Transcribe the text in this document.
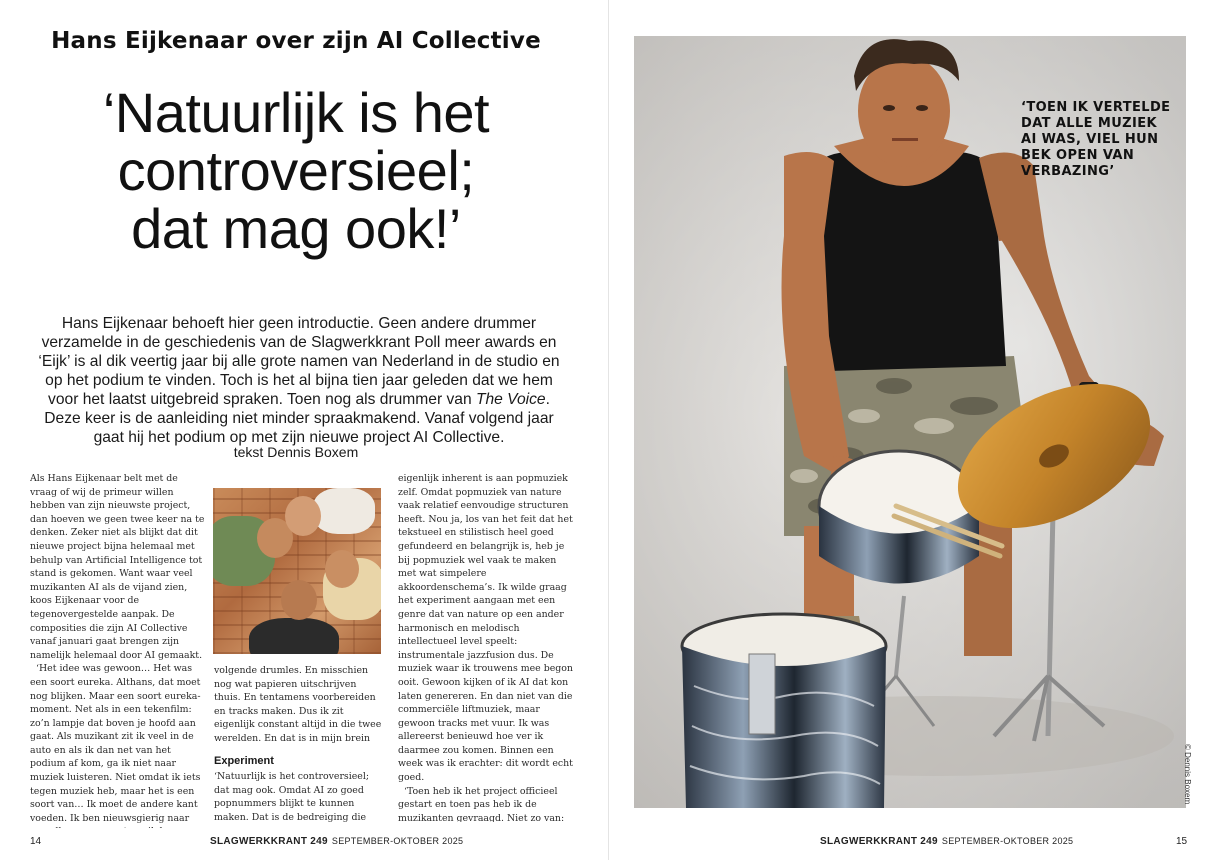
Hans Eijkenaar over zijn AI Collective
‘Natuurlijk is het
controversieel;
dat mag ook!’

Hans Eijkenaar behoeft hier geen introductie. Geen andere drummer verzamelde in de geschiedenis van de Slagwerkkrant Poll meer awards en ‘Eijk’ is al dik veertig jaar bij alle grote namen van Nederland in de studio en op het podium te vinden. Toch is het al bijna tien jaar geleden dat we hem voor het laatst uitgebreid spraken. Toen nog als drummer van The Voice. Deze keer is de aanleiding niet minder spraakmakend. Vanaf volgend jaar gaat hij het podium op met zijn nieuwe project AI Collective.

tekst Dennis Boxem

Als Hans Eijkenaar belt met de vraag of wij de primeur willen hebben van zijn nieuwste project, dan hoeven we geen twee keer na te denken. Zeker niet als blijkt dat dit nieuwe project bijna helemaal met behulp van Artificial Intelligence tot stand is gekomen. Want waar veel muzikanten AI als de vijand zien, koos Eijkenaar voor de tegenovergestelde aanpak. De composities die zijn AI Collective vanaf januari gaat brengen zijn namelijk helemaal door AI gemaakt.

‘Het idee was gewoon… Het was een soort eureka. Althans, dat moet nog blijken. Maar een soort eureka-moment. Net als in een tekenfilm: zo’n lampje dat boven je hoofd aan gaat. Als muzikant zit ik veel in de auto en als ik dan net van het podium af kom, ga ik niet naar muziek luisteren. Niet omdat ik iets tegen muziek heb, maar het is een soort van… Ik moet de andere kant voeden. Ik ben nieuwsgierig naar

volgende drumles. En misschien nog wat papieren uitschrijven thuis. En tentamens voorbereiden en tracks maken. Dus ik zit eigenlijk constant altijd in die twee werelden. En dat is in mijn brein

Experiment

‘Natuurlijk is het controversieel; dat mag ook. Omdat AI zo goed popnummers blijkt te kunnen maken. Dat is de bedreiging die

eigenlijk inherent is aan popmuziek zelf. Omdat popmuziek van nature vaak relatief eenvoudige structuren heeft. Nou ja, los van het feit dat het tekstueel en stilistisch heel goed gefundeerd en belangrijk is, heb je bij popmuziek wel vaak te maken met wat simpelere akkoordenschema’s. Ik wilde graag het experiment aangaan met een genre dat van nature op een ander harmonisch en melodisch intellectueel level speelt: instrumentale jazzfusion dus. De muziek waar ik trouwens mee begon ooit. Gewoon kijken of ik AI dat kon laten genereren. En dan niet van die commerciële liftmuziek, maar gewoon tracks met vuur. Ik was allereerst benieuwd hoe ver ik daarmee zou komen. Binnen een week was ik erachter: dit wordt echt goed.

‘Toen heb ik het project officieel gestart en toen pas heb ik de muzikanten gevraagd. Niet zo van:

14	SLAGWERKKRANT 249 SEPTEMBER-OKTOBER 2025
‘TOEN IK VERTELDE
DAT ALLE MUZIEK
AI WAS, VIEL HUN
BEK OPEN VAN
VERBAZING’
© Dennis Boxem
SLAGWERKKRANT 249 SEPTEMBER-OKTOBER 2025	15
